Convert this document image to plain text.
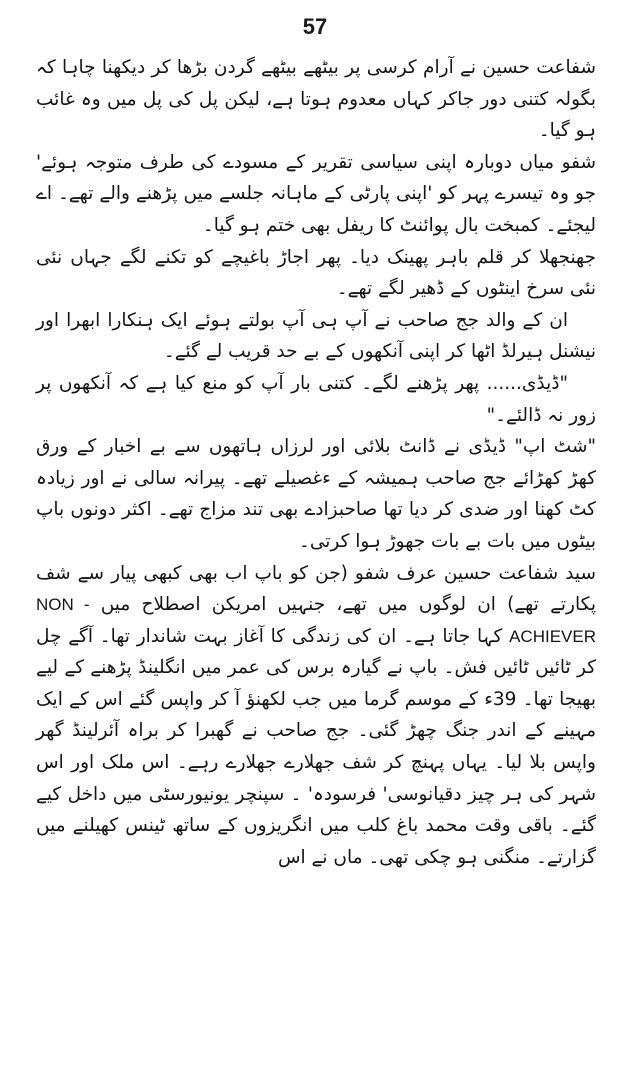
57

شفاعت حسین نے آرام کرسی پر بیٹھے بیٹھے گردن بڑھا کر دیکھنا چاہا کہ بگولہ کتنی دور جاکر کہاں معدوم ہوتا ہے، لیکن پل کی پل میں وہ غائب ہو گیا۔

شفو میاں دوبارہ اپنی سیاسی تقریر کے مسودے کی طرف متوجہ ہوئے' جو وہ تیسرے پہر کو 'اپنی پارٹی کے ماہانہ جلسے میں پڑھنے والے تھے۔ اے لیجئے۔ کمبخت بال پوائنٹ کا ریفل بھی ختم ہو گیا۔

جھنجھلا کر قلم باہر پھینک دیا۔ پھر اجاڑ باغیچے کو تکنے لگے جہاں نئی نئی سرخ اینٹوں کے ڈھیر لگے تھے۔

ان کے والد جج صاحب نے آپ ہی آپ بولتے ہوئے ایک ہنکارا ابھرا اور نیشنل ہیرلڈ اٹھا کر اپنی آنکھوں کے بے حد قریب لے گئے۔

"ڈیڈی...... پھر پڑھنے لگے۔ کتنی بار آپ کو منع کیا ہے کہ آنکھوں پر زور نہ ڈالئے۔"

"شٹ اپ" ڈیڈی نے ڈانٹ بلائی اور لرزاں ہاتھوں سے بے اخبار کے ورق کھڑ کھڑائے جج صاحب ہمیشہ کے ءغصیلے تھے۔ پیرانہ سالی نے اور زیادہ کٹ کھنا اور ضدی کر دیا تھا صاحبزادے بھی تند مزاج تھے۔ اکثر دونوں باپ بیٹوں میں بات بے بات جھوڑ ہوا کرتی۔

سید شفاعت حسین عرف شفو (جن کو باپ اب بھی کبھی پیار سے شف پکارتے تھے) ان لوگوں میں تھے، جنہیں امریکن اصطلاح میں NON - ACHIEVER کہا جاتا ہے۔ ان کی زندگی کا آغاز بہت شاندار تھا۔ آگے چل کر ٹائیں ٹائیں فش۔ باپ نے گیارہ برس کی عمر میں انگلینڈ پڑھنے کے لیے بھیجا تھا۔ 39ء کے موسم گرما میں جب لکھنؤ آ کر واپس گئے اس کے ایک مہینے کے اندر جنگ چھڑ گئی۔ جج صاحب نے گھبرا کر براہ آئرلینڈ گھر واپس بلا لیا۔ یہاں پہنچ کر شف جھلارے جھلارے رہے۔ اس ملک اور اس شہر کی ہر چیز دقیانوسی' فرسودہ' ۔ سپنچر یونیورسٹی میں داخل کیے گئے۔ باقی وقت محمد باغ کلب میں انگریزوں کے ساتھ ٹینس کھیلنے میں گزارتے۔ منگنی ہو چکی تھی۔ ماں نے اس
